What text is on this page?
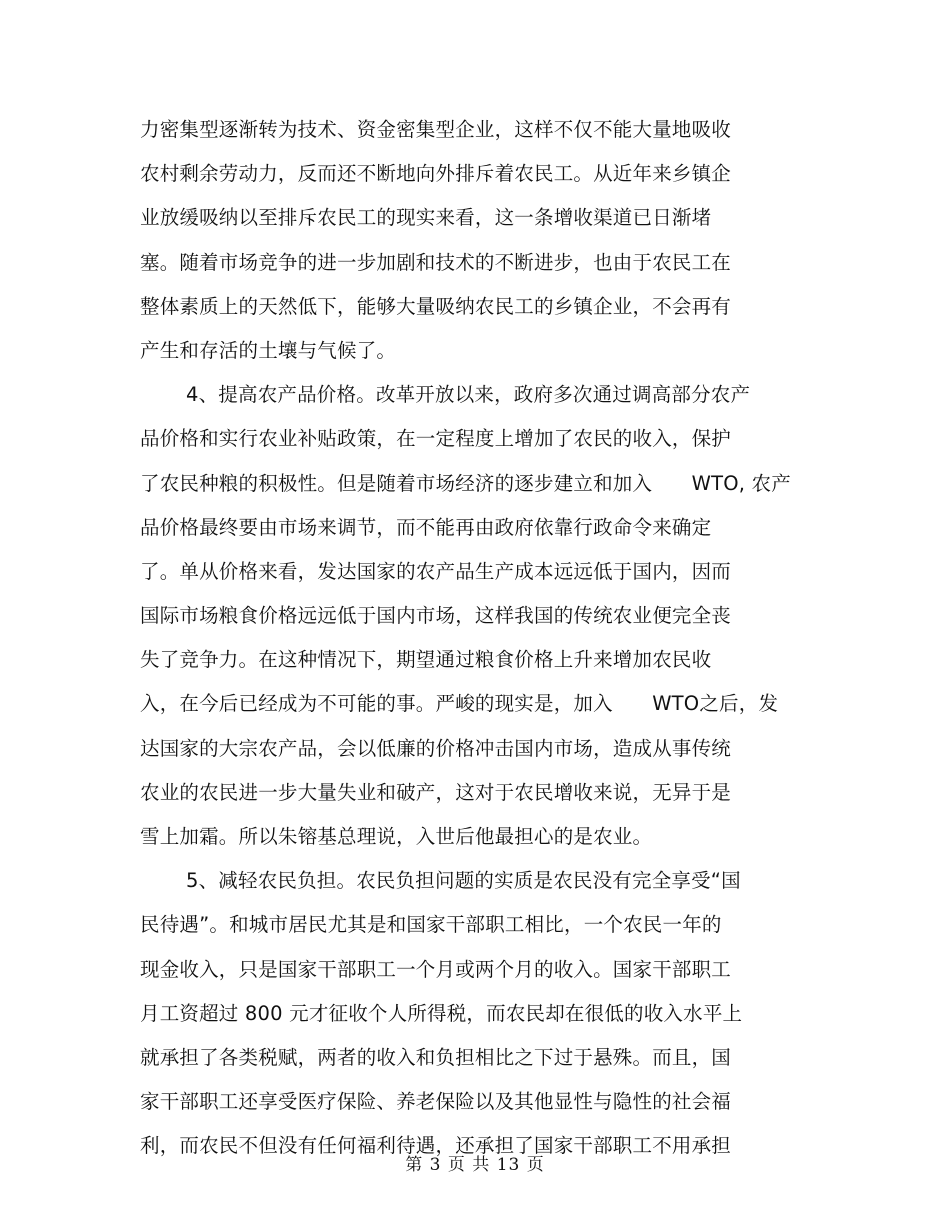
力密集型逐渐转为技术、资金密集型企业，这样不仅不能大量地吸收
农村剩余劳动力，反而还不断地向外排斥着农民工。从近年来乡镇企
业放缓吸纳以至排斥农民工的现实来看，这一条增收渠道已日渐堵
塞。随着市场竞争的进一步加剧和技术的不断进步，也由于农民工在
整体素质上的天然低下，能够大量吸纳农民工的乡镇企业，不会再有
产生和存活的土壤与气候了。
4、提高农产品价格。改革开放以来，政府多次通过调高部分农产
品价格和实行农业补贴政策，在一定程度上增加了农民的收入，保护
了农民种粮的积极性。但是随着市场经济的逐步建立和加入　　WTO, 农产
品价格最终要由市场来调节，而不能再由政府依靠行政命令来确定
了。单从价格来看，发达国家的农产品生产成本远远低于国内，因而
国际市场粮食价格远远低于国内市场，这样我国的传统农业便完全丧
失了竞争力。在这种情况下，期望通过粮食价格上升来增加农民收
入，在今后已经成为不可能的事。严峻的现实是，加入　　WTO之后，发
达国家的大宗农产品，会以低廉的价格冲击国内市场，造成从事传统
农业的农民进一步大量失业和破产，这对于农民增收来说，无异于是
雪上加霜。所以朱镕基总理说，入世后他最担心的是农业。
5、减轻农民负担。农民负担问题的实质是农民没有完全享受“国
民待遇”。和城市居民尤其是和国家干部职工相比，一个农民一年的
现金收入，只是国家干部职工一个月或两个月的收入。国家干部职工
月工资超过 800 元才征收个人所得税，而农民却在很低的收入水平上
就承担了各类税赋，两者的收入和负担相比之下过于悬殊。而且，国
家干部职工还享受医疗保险、养老保险以及其他显性与隐性的社会福
利，而农民不但没有任何福利待遇，还承担了国家干部职工不用承担
第 3 页 共 13 页
